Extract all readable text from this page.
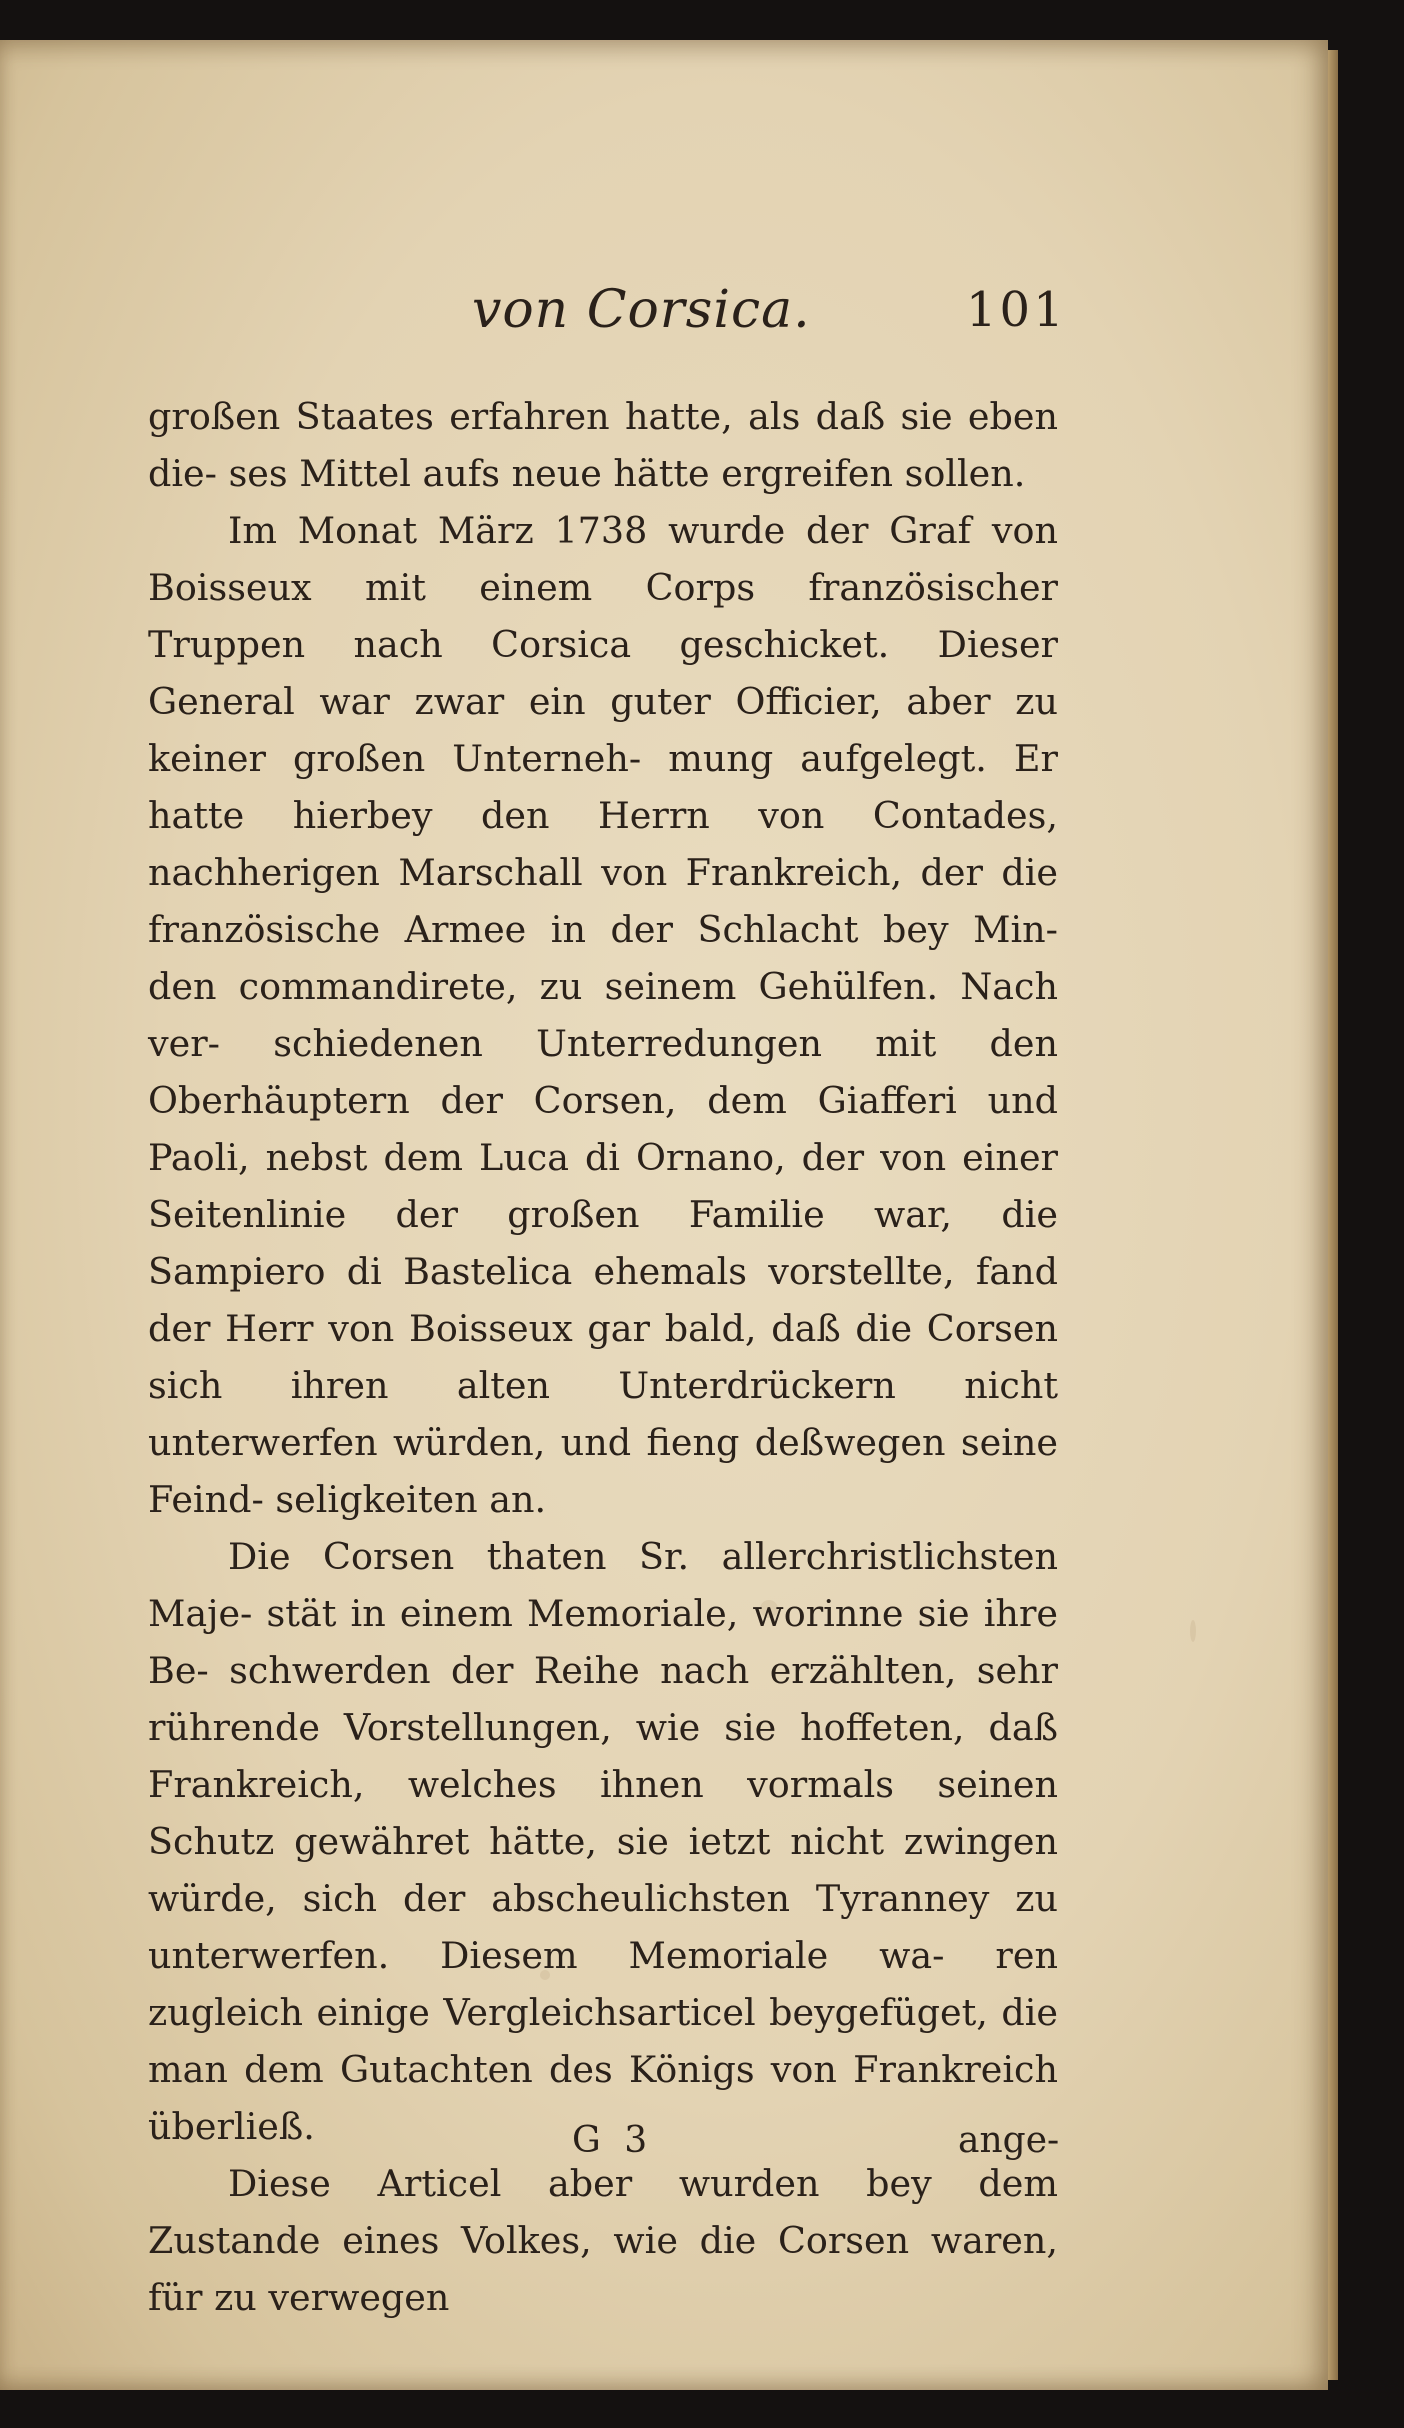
von Corsica.	101

großen Staates erfahren hatte, als daß sie eben die- ses Mittel aufs neue hätte ergreifen sollen.

Im Monat März 1738 wurde der Graf von Boisseux mit einem Corps französischer Truppen nach Corsica geschicket. Dieser General war zwar ein guter Officier, aber zu keiner großen Unterneh- mung aufgelegt. Er hatte hierbey den Herrn von Contades, nachherigen Marschall von Frankreich, der die französische Armee in der Schlacht bey Min- den commandirete, zu seinem Gehülfen. Nach ver- schiedenen Unterredungen mit den Oberhäuptern der Corsen, dem Giafferi und Paoli, nebst dem Luca di Ornano, der von einer Seitenlinie der großen Familie war, die Sampiero di Bastelica ehemals vorstellte, fand der Herr von Boisseux gar bald, daß die Corsen sich ihren alten Unterdrückern nicht unterwerfen würden, und fieng deßwegen seine Feind- seligkeiten an.

Die Corsen thaten Sr. allerchristlichsten Maje- stät in einem Memoriale, worinne sie ihre Be- schwerden der Reihe nach erzählten, sehr rührende Vorstellungen, wie sie hoffeten, daß Frankreich, welches ihnen vormals seinen Schutz gewähret hätte, sie ietzt nicht zwingen würde, sich der abscheulichsten Tyranney zu unterwerfen. Diesem Memoriale wa- ren zugleich einige Vergleichsarticel beygefüget, die man dem Gutachten des Königs von Frankreich überließ.

Diese Articel aber wurden bey dem Zustande eines Volkes, wie die Corsen waren, für zu verwegen

G 3	ange-
